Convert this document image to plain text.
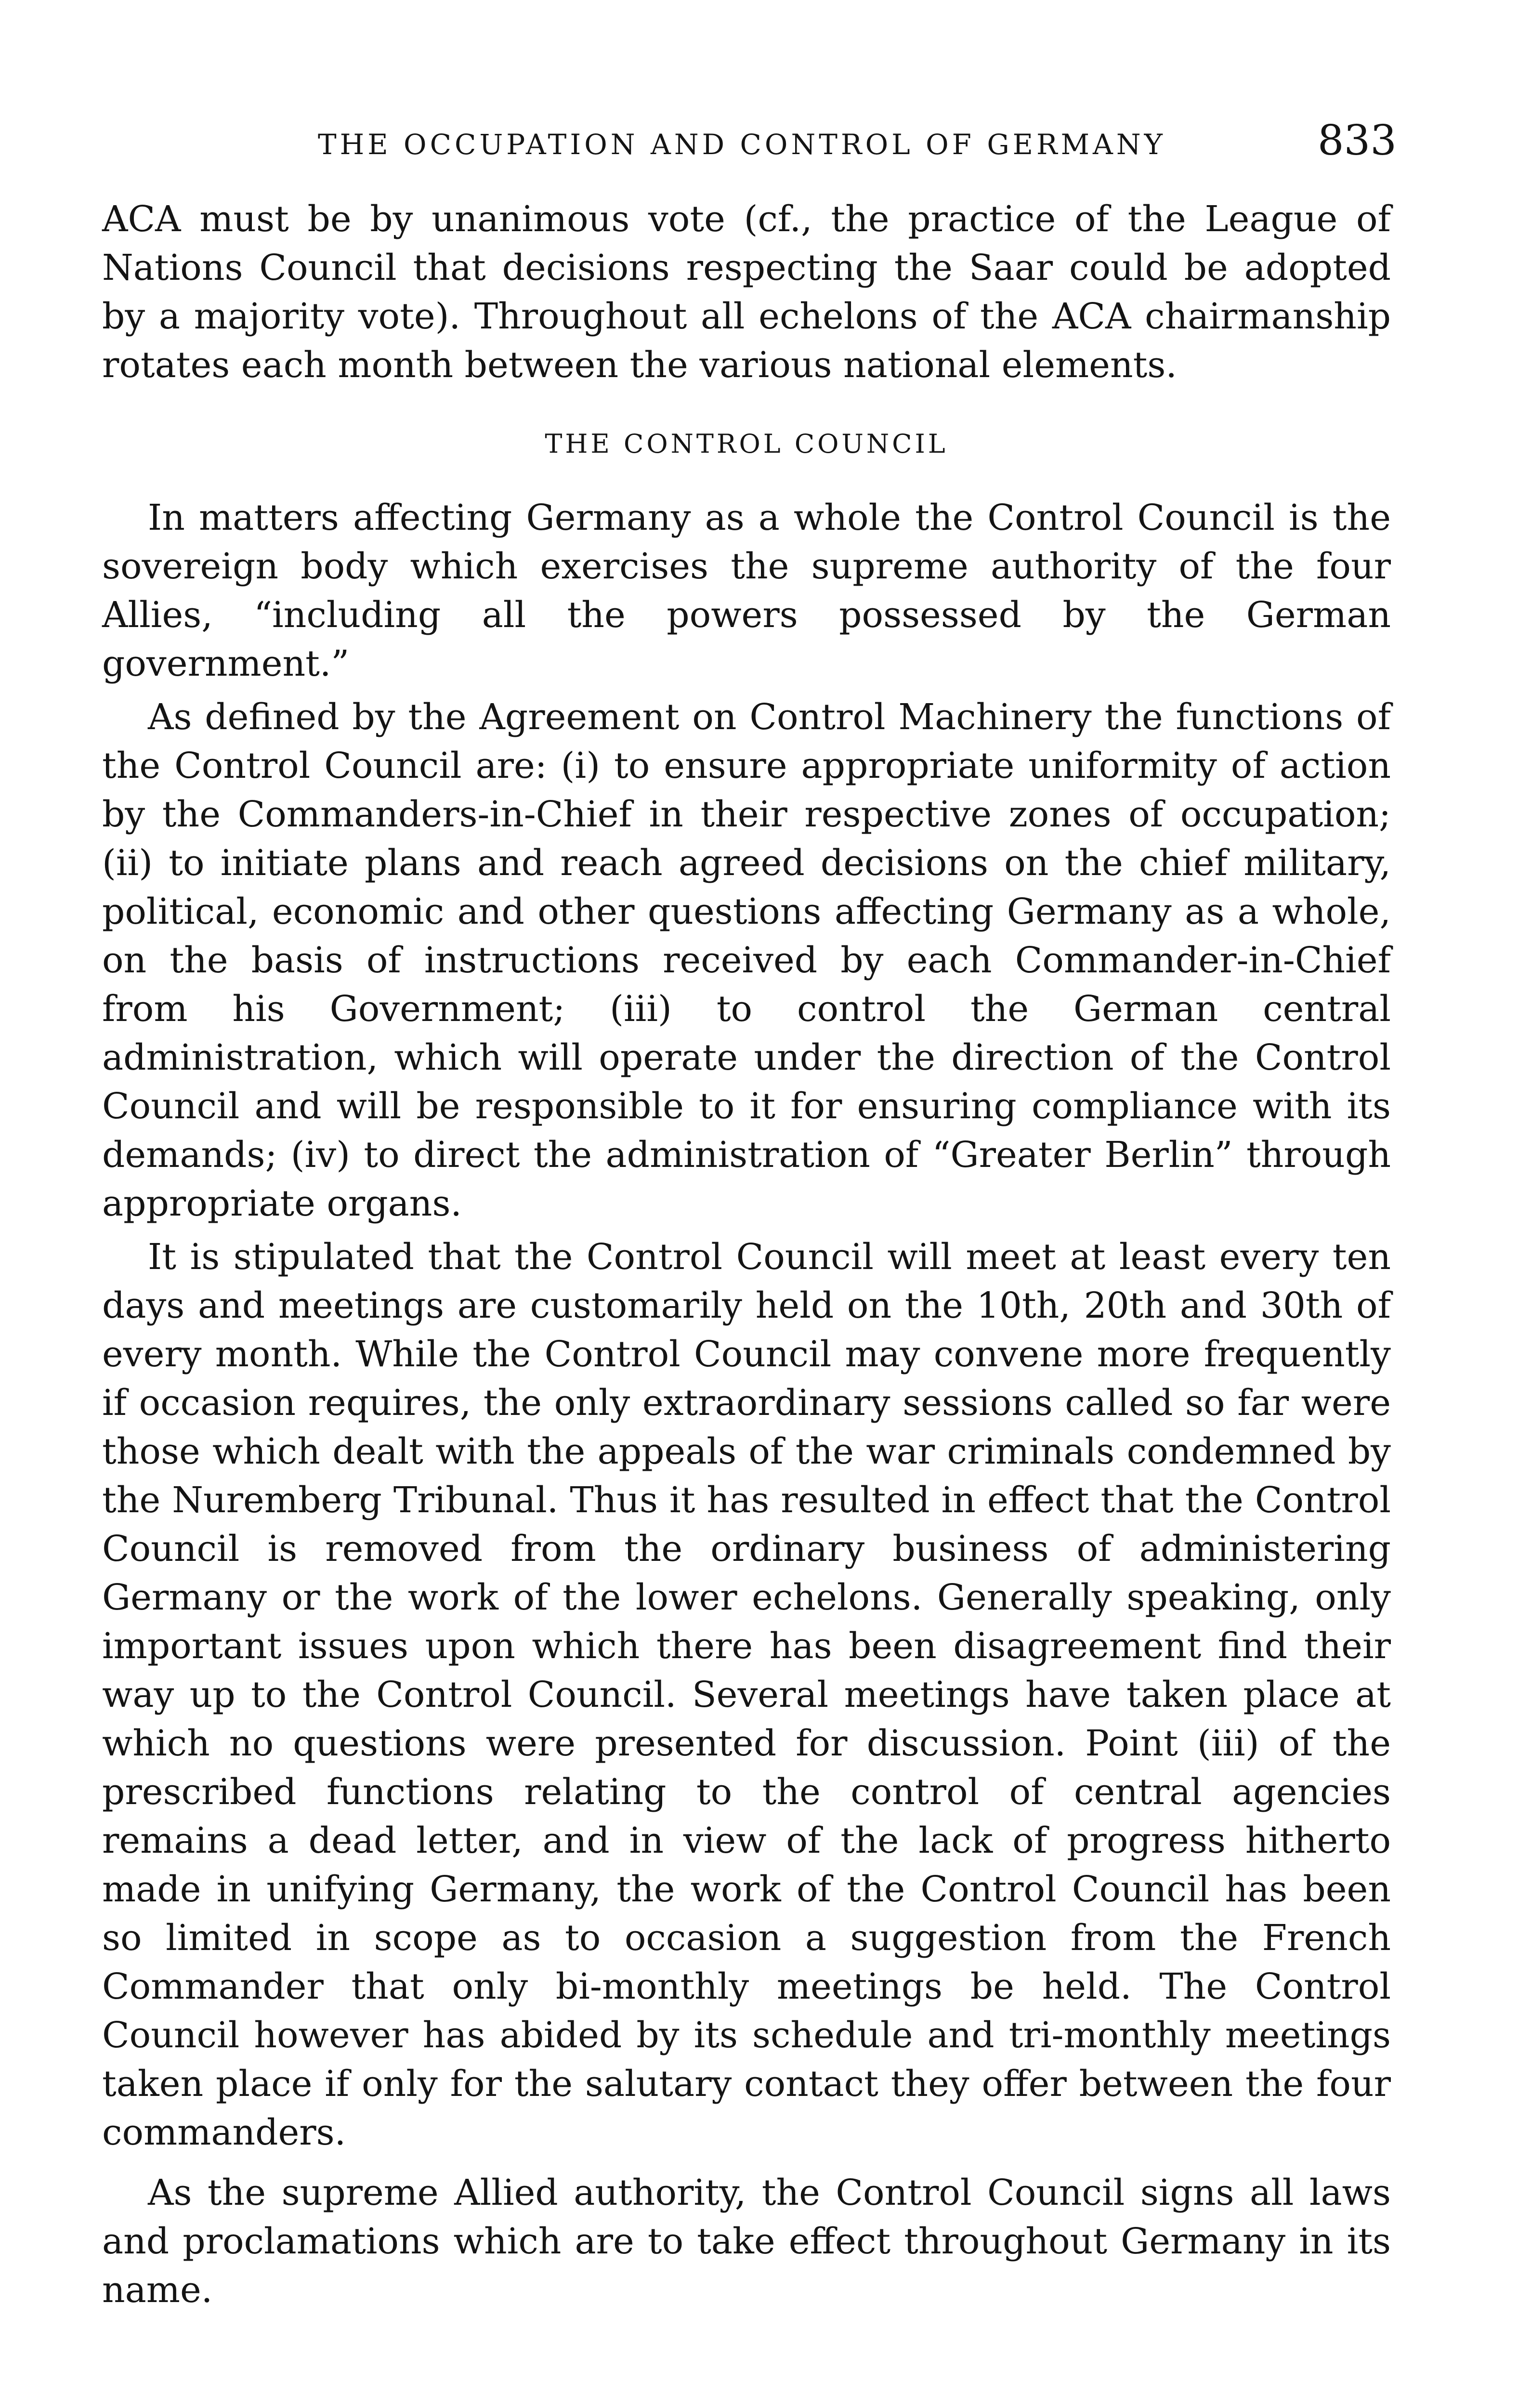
THE OCCUPATION AND CONTROL OF GERMANY	833

ACA must be by unanimous vote (cf., the practice of the League of Nations Council that decisions respecting the Saar could be adopted by a majority vote). Throughout all echelons of the ACA chairmanship rotates each month between the various national elements.

THE CONTROL COUNCIL

In matters affecting Germany as a whole the Control Council is the sovereign body which exercises the supreme authority of the four Allies, “including all the powers possessed by the German government.”

As defined by the Agreement on Control Machinery the functions of the Control Council are: (i) to ensure appropriate uniformity of action by the Commanders-in-Chief in their respective zones of occupation; (ii) to initiate plans and reach agreed decisions on the chief military, political, economic and other questions affecting Germany as a whole, on the basis of instructions received by each Commander-in-Chief from his Government; (iii) to control the German central administration, which will operate under the direction of the Control Council and will be responsible to it for ensuring compliance with its demands; (iv) to direct the administration of “Greater Berlin” through appropriate organs.

It is stipulated that the Control Council will meet at least every ten days and meetings are customarily held on the 10th, 20th and 30th of every month. While the Control Council may convene more frequently if occasion requires, the only extraordinary sessions called so far were those which dealt with the appeals of the war criminals condemned by the Nuremberg Tribunal. Thus it has resulted in effect that the Control Council is removed from the ordinary business of administering Germany or the work of the lower echelons. Generally speaking, only important issues upon which there has been disagreement find their way up to the Control Council. Several meetings have taken place at which no questions were presented for discussion. Point (iii) of the prescribed functions relating to the control of central agencies remains a dead letter, and in view of the lack of progress hitherto made in unifying Germany, the work of the Control Council has been so limited in scope as to occasion a suggestion from the French Commander that only bi-monthly meetings be held. The Control Council however has abided by its schedule and tri-monthly meetings taken place if only for the salutary contact they offer between the four commanders.

As the supreme Allied authority, the Control Council signs all laws and proclamations which are to take effect throughout Germany in its name.
